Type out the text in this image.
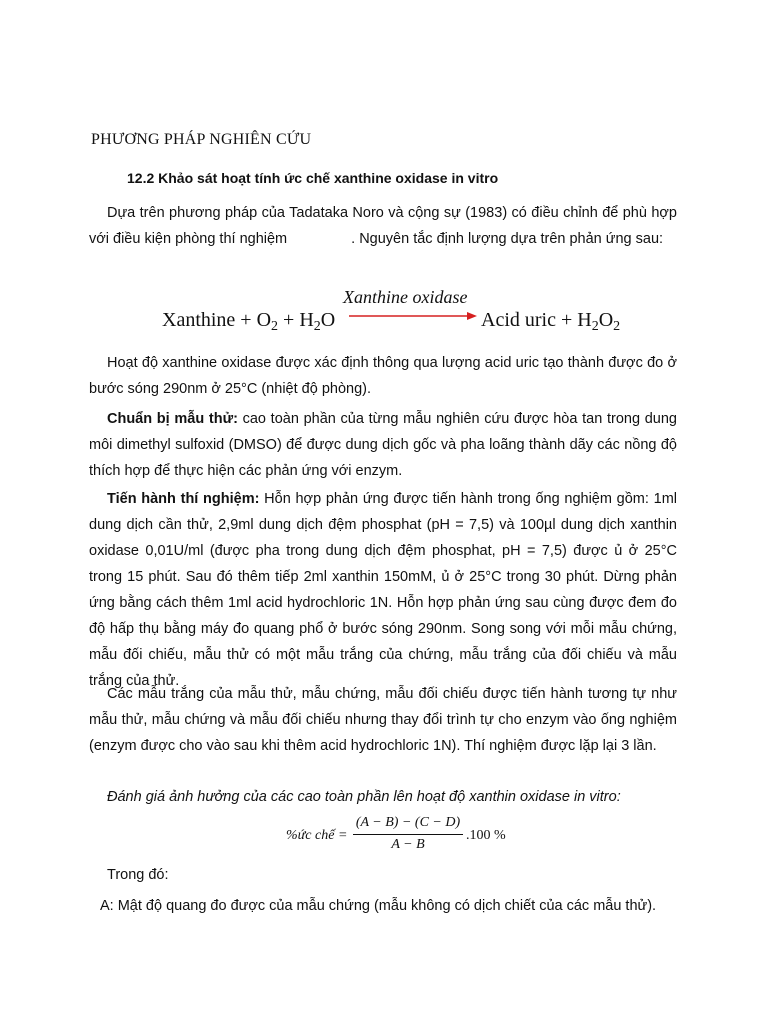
PHƯƠNG PHÁP NGHIÊN CỨU
12.2 Khảo sát hoạt tính ức chế xanthine oxidase in vitro
Dựa trên phương pháp của Tadataka Noro và cộng sự (1983) có điều chỉnh để phù hợp với điều kiện phòng thí nghiệm	. Nguyên tắc định lượng dựa trên phản ứng sau:
Xanthine oxidase
Xanthine + $O_2 + H_2O$	Acid uric + $H_2O_2$
Hoạt độ xanthine oxidase được xác định thông qua lượng acid uric tạo thành được đo ở bước sóng 290nm ở 25°C (nhiệt độ phòng).
Chuẩn bị mẫu thử: cao toàn phần của từng mẫu nghiên cứu được hòa tan trong dung môi dimethyl sulfoxid (DMSO) để được dung dịch gốc và pha loãng thành dãy các nồng độ thích hợp để thực hiện các phản ứng với enzym.
Tiến hành thí nghiệm: Hỗn hợp phản ứng được tiến hành trong ống nghiệm gồm: 1ml dung dịch cần thử, 2,9ml dung dịch đệm phosphat (pH = 7,5) và 100µl dung dịch xanthin oxidase 0,01U/ml (được pha trong dung dịch đệm phosphat, pH = 7,5) được ủ ở 25°C trong 15 phút. Sau đó thêm tiếp 2ml xanthin 150mM, ủ ở 25°C trong 30 phút. Dừng phản ứng bằng cách thêm 1ml acid hydrochloric 1N. Hỗn hợp phản ứng sau cùng được đem đo độ hấp thụ bằng máy đo quang phổ ở bước sóng 290nm. Song song với mỗi mẫu chứng, mẫu đối chiếu, mẫu thử có một mẫu trắng của chứng, mẫu trắng của đối chiếu và mẫu trắng của thử.
Các mẫu trắng của mẫu thử, mẫu chứng, mẫu đối chiếu được tiến hành tương tự như mẫu thử, mẫu chứng và mẫu đối chiếu nhưng thay đổi trình tự cho enzym vào ống nghiệm (enzym được cho vào sau khi thêm acid hydrochloric 1N). Thí nghiệm được lặp lại 3 lần.
Đánh giá ảnh hưởng của các cao toàn phần lên hoạt độ xanthin oxidase in vitro:
%ức chế =
(A − B) − (C − D)
A − B
.100 %
Trong đó:
A: Mật độ quang đo được của mẫu chứng (mẫu không có dịch chiết của các mẫu thử).
